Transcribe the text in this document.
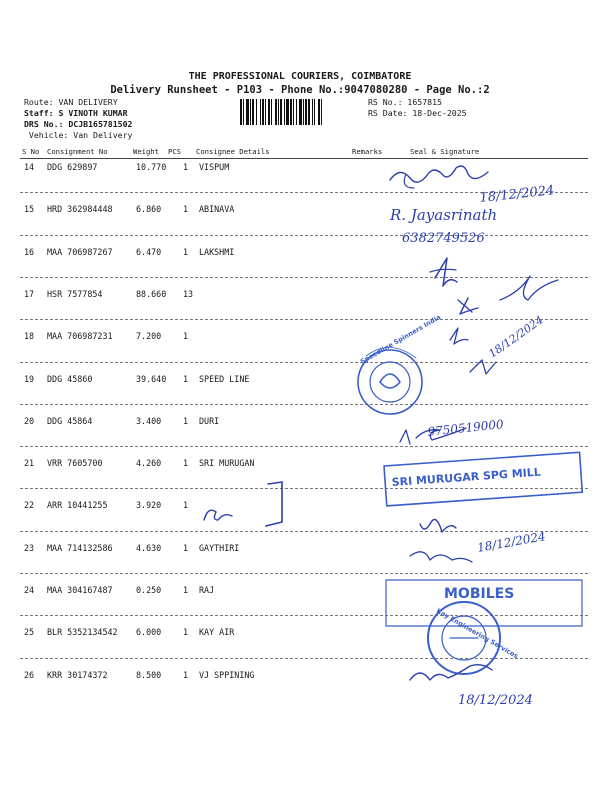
THE PROFESSIONAL COURIERS, COIMBATORE
Delivery Runsheet - P103 - Phone No.:9047080280 - Page No.:2
Route: VAN DELIVERY
Staff: S VINOTH KUMAR
DRS No.: DCJB165781502
Vehicle: Van Delivery
RS No.: 1657815
RS Date: 18-Dec-2025
S No Consignment No	Weight PCS Consignee Details	Remarks	Seal & Signature
14 DDG 629897	10.770 1 VISPUM
15 HRD 362984448	6.860	1 ABINAVA
16 MAA 706987267	6.470	1 LAKSHMI
17 HSR 7577854	88.660 13
18 MAA 706987231	7.200	1
19 DDG 45860	39.640 1 SPEED LINE
20 DDG 45864	3.400	1 DURI
21 VRR 7605700	4.260	1 SRI MURUGAN
22 ARR 10441255	3.920	1
23 MAA 714132586	4.630	1 GAYTHIRI
24 MAA 304167487	0.250	1 RAJ
25 BLR 5352134542 6.000	1 KAY AIR
26 KRR 30174372	8.500	1 VJ SPPINING
18/12/2024
R. Jayasrinath
6382749526
18/12/2024
Speedline Spinners India
9750519000
SRI MURUGAR SPG MILL
18/12/2024
MOBILES
Kay Engineering Services
18/12/2024
